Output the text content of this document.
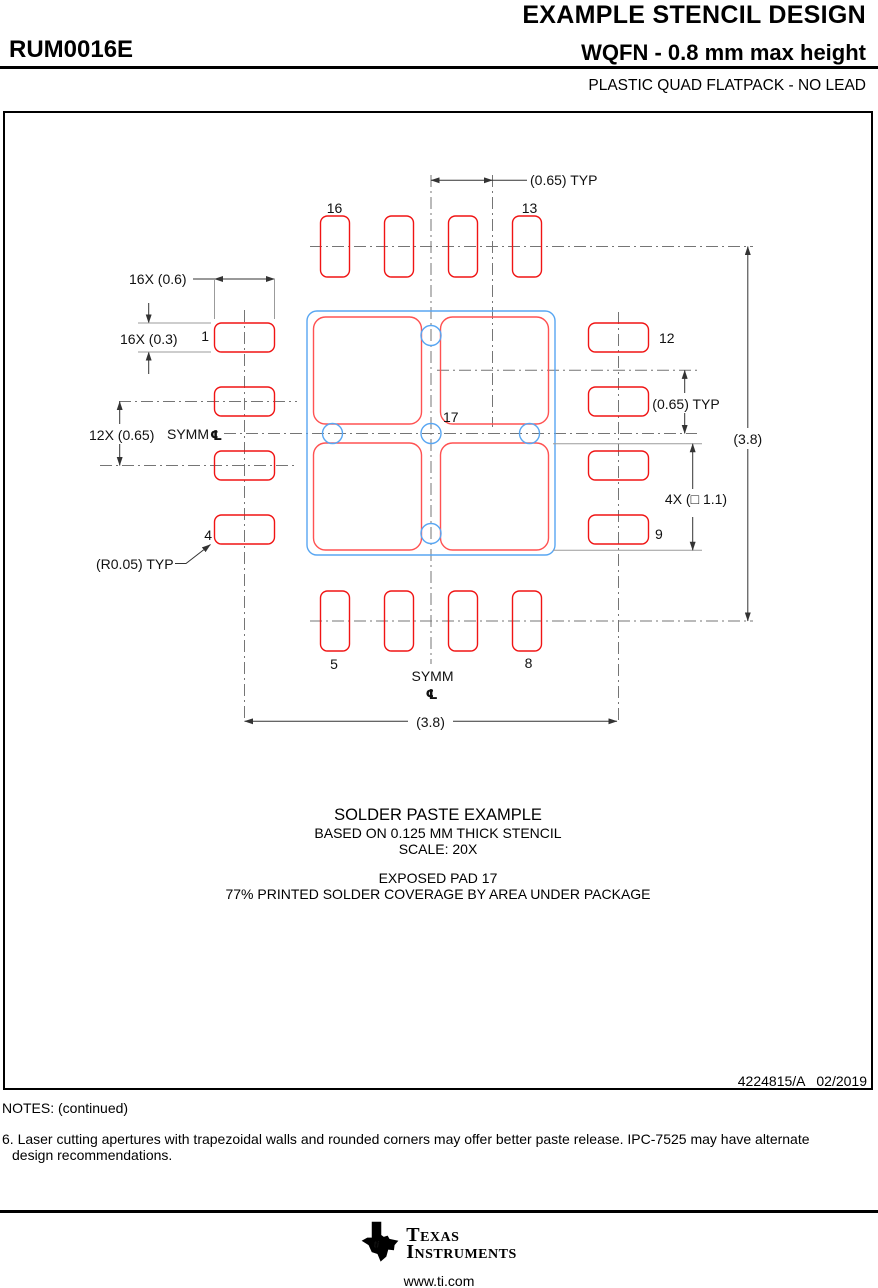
EXAMPLE STENCIL DESIGN
RUM0016E	WQFN - 0.8 mm max height
PLASTIC QUAD FLATPACK - NO LEAD
(0.65) TYP
16X (0.6)
16X (0.3)
12X (0.65) SYMM ℄
(0.65) TYP
(3.8)
4X (□ 1.1)
(3.8)
(R0.05) TYP
16	13
1
4
5	8
9
12
17
SYMM
℄
SOLDER PASTE EXAMPLE
BASED ON 0.125 MM THICK STENCIL
SCALE: 20X
EXPOSED PAD 17
77% PRINTED SOLDER COVERAGE BY AREA UNDER PACKAGE
4224815/A   02/2019
NOTES: (continued)
6. Laser cutting apertures with trapezoidal walls and rounded corners may offer better paste release. IPC-7525 may have alternate
design recommendations.
ti Texas
Instruments
www.ti.com
